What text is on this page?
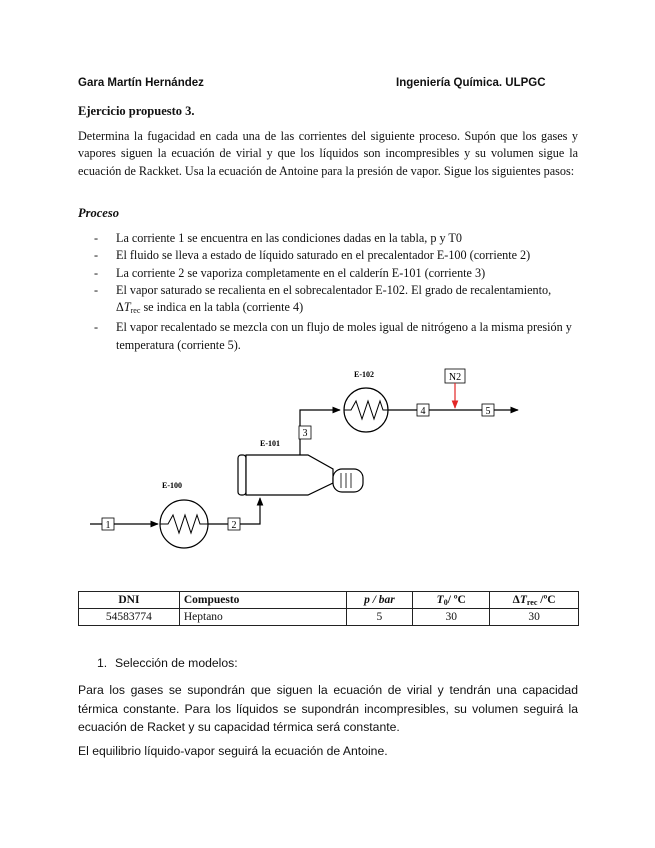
Gara Martín Hernández	Ingeniería Química. ULPGC
Ejercicio propuesto 3.
Determina la fugacidad en cada una de las corrientes del siguiente proceso. Supón que los gases y vapores siguen la ecuación de virial y que los líquidos son incompresibles y su volumen sigue la ecuación de Rackket. Usa la ecuación de Antoine para la presión de vapor. Sigue los siguientes pasos:
Proceso
- La corriente 1 se encuentra en las condiciones dadas en la tabla, p y T0
- El fluido se lleva a estado de líquido saturado en el precalentador E-100 (corriente 2)
- La corriente 2 se vaporiza completamente en el calderín E-101 (corriente 3)
- El vapor saturado se recalienta en el sobrecalentador E-102. El grado de recalentamiento,
$\Delta T_{rec}$ se indica en la tabla (corriente 4)
- El vapor recalentado se mezcla con un flujo de moles igual de nitrógeno a la misma presión y temperatura (corriente 5).
1
E-100
2
E-101
3
E-102
4	5
N2
DNI	Compuesto	p / bar	$T_0/$ ºC	$\Delta T_{rec}$ /ºC
54583774	Heptano	5	30	30
1. Selección de modelos:
Para los gases se supondrán que siguen la ecuación de virial y tendrán una capacidad térmica constante. Para los líquidos se supondrán incompresibles, su volumen seguirá la ecuación de Racket y su capacidad térmica será constante.
El equilibrio líquido-vapor seguirá la ecuación de Antoine.
